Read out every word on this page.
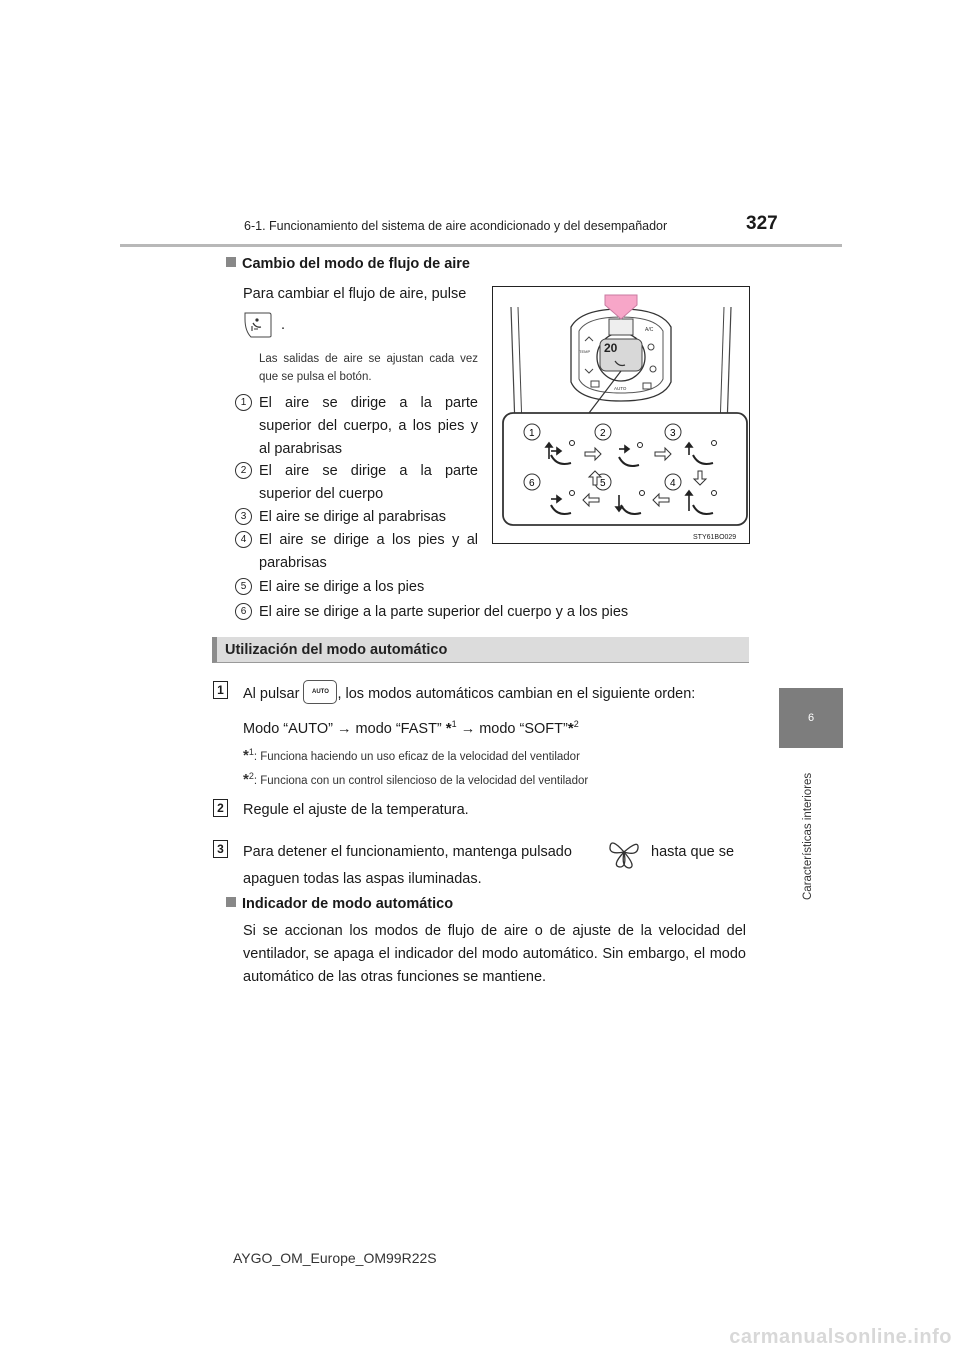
6-1. Funcionamiento del sistema de aire acondicionado y del desempañador	327
6
Características interiores
Cambio del modo de flujo de aire
Para cambiar el flujo de aire, pulse
.
Las salidas de aire se ajustan cada vez que se pulsa el botón.
1 El aire se dirige a la parte superior del cuerpo, a los pies y al parabrisas
2 El aire se dirige a la parte superior del cuerpo
3 El aire se dirige al parabrisas
4 El aire se dirige a los pies y al parabrisas
5 El aire se dirige a los pies
6 El aire se dirige a la parte superior del cuerpo y a los pies
20
A/C
TEMP
AUTO
1	2	3
6	5	4
STY61BO029
Utilización del modo automático
1 Al pulsar AUTO , los modos automáticos cambian en el siguiente orden:
Modo “AUTO” → modo “FAST” *$^1$ → modo “SOFT”*$^2$
*$^1$: Funciona haciendo un uso eficaz de la velocidad del ventilador
*$^2$: Funciona con un control silencioso de la velocidad del ventilador
2 Regule el ajuste de la temperatura.
3 Para detener el funcionamiento, mantenga pulsado	hasta que se
apaguen todas las aspas iluminadas.
Indicador de modo automático
Si se accionan los modos de flujo de aire o de ajuste de la velocidad del ventilador, se apaga el indicador del modo automático. Sin embargo, el modo automático de las otras funciones se mantiene.
AYGO_OM_Europe_OM99R22S
carmanualsonline.info
